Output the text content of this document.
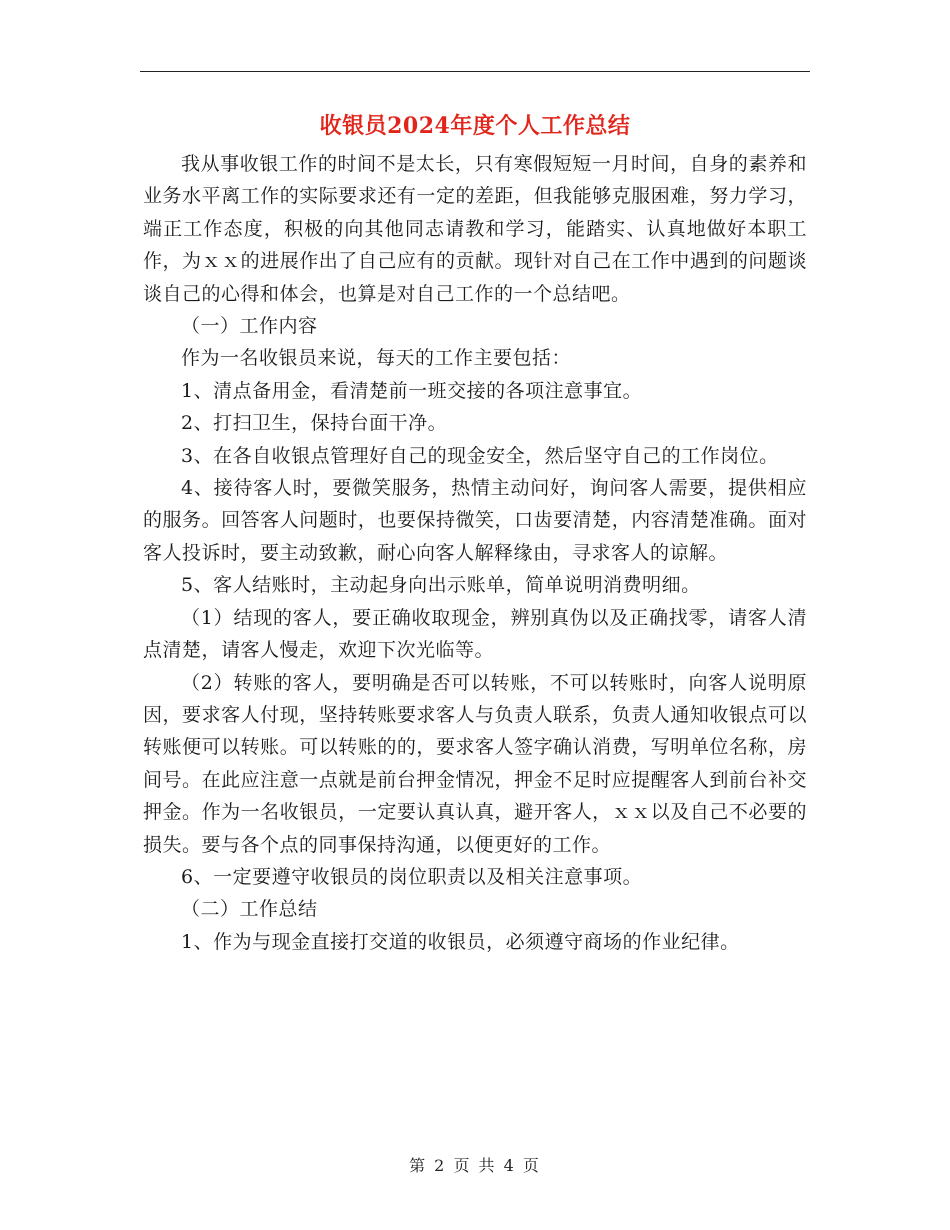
收银员2024年度个人工作总结

我从事收银工作的时间不是太长，只有寒假短短一月时间，自身的素养和业务水平离工作的实际要求还有一定的差距，但我能够克服困难，努力学习，端正工作态度，积极的向其他同志请教和学习，能踏实、认真地做好本职工作，为ｘｘ的进展作出了自己应有的贡献。现针对自己在工作中遇到的问题谈谈自己的心得和体会，也算是对自己工作的一个总结吧。

（一）工作内容

作为一名收银员来说，每天的工作主要包括：

1、清点备用金，看清楚前一班交接的各项注意事宜。

2、打扫卫生，保持台面干净。

3、在各自收银点管理好自己的现金安全，然后坚守自己的工作岗位。

4、接待客人时，要微笑服务，热情主动问好，询问客人需要，提供相应的服务。回答客人问题时，也要保持微笑，口齿要清楚，内容清楚准确。面对客人投诉时，要主动致歉，耐心向客人解释缘由，寻求客人的谅解。

5、客人结账时，主动起身向出示账单，简单说明消费明细。

（1）结现的客人，要正确收取现金，辨别真伪以及正确找零，请客人清点清楚，请客人慢走，欢迎下次光临等。

（2）转账的客人，要明确是否可以转账，不可以转账时，向客人说明原因，要求客人付现，坚持转账要求客人与负责人联系，负责人通知收银点可以转账便可以转账。可以转账的的，要求客人签字确认消费，写明单位名称，房间号。在此应注意一点就是前台押金情况，押金不足时应提醒客人到前台补交押金。作为一名收银员，一定要认真认真，避开客人，ｘｘ以及自己不必要的损失。要与各个点的同事保持沟通，以便更好的工作。

6、一定要遵守收银员的岗位职责以及相关注意事项。

（二）工作总结

1、作为与现金直接打交道的收银员，必须遵守商场的作业纪律。

第 2 页 共 4 页
